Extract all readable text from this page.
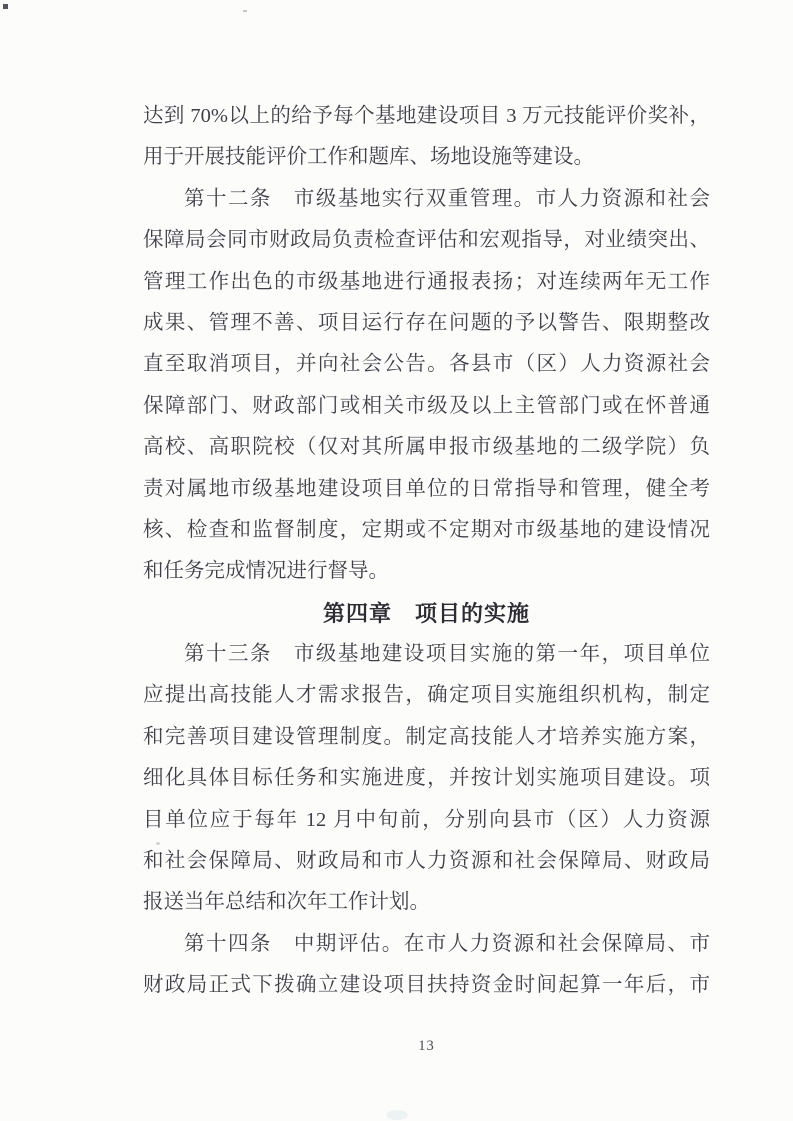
达到 70%以上的给予每个基地建设项目 3 万元技能评价奖补，
用于开展技能评价工作和题库、场地设施等建设。
第十二条　市级基地实行双重管理。市人力资源和社会
保障局会同市财政局负责检查评估和宏观指导，对业绩突出、
管理工作出色的市级基地进行通报表扬；对连续两年无工作
成果、管理不善、项目运行存在问题的予以警告、限期整改
直至取消项目，并向社会公告。各县市（区）人力资源社会
保障部门、财政部门或相关市级及以上主管部门或在怀普通
高校、高职院校（仅对其所属申报市级基地的二级学院）负
责对属地市级基地建设项目单位的日常指导和管理，健全考
核、检查和监督制度，定期或不定期对市级基地的建设情况
和任务完成情况进行督导。
第四章　项目的实施
第十三条　市级基地建设项目实施的第一年，项目单位
应提出高技能人才需求报告，确定项目实施组织机构，制定
和完善项目建设管理制度。制定高技能人才培养实施方案，
细化具体目标任务和实施进度，并按计划实施项目建设。项
目单位应于每年 12 月中旬前，分别向县市（区）人力资源
和社会保障局、财政局和市人力资源和社会保障局、财政局
报送当年总结和次年工作计划。
第十四条　中期评估。在市人力资源和社会保障局、市
财政局正式下拨确立建设项目扶持资金时间起算一年后，市
13
